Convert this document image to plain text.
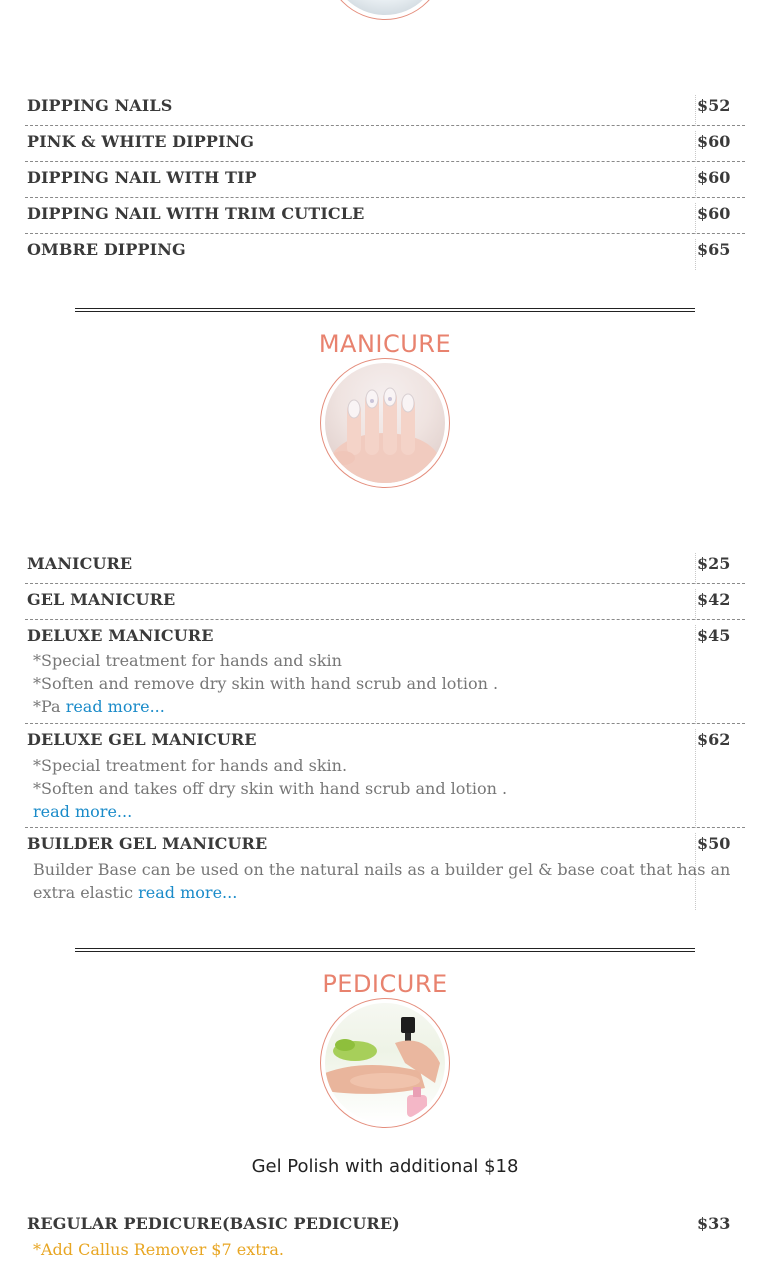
DIPPING NAILS	$52
PINK & WHITE DIPPING	$60
DIPPING NAIL WITH TIP	$60
DIPPING NAIL WITH TRIM CUTICLE	$60
OMBRE DIPPING	$65
MANICURE
MANICURE	$25
GEL MANICURE	$42
DELUXE MANICURE	$45
*Special treatment for hands and skin
*Soften and remove dry skin with hand scrub and lotion .
*Pa read more...
DELUXE GEL MANICURE	$62
*Special treatment for hands and skin.
*Soften and takes off dry skin with hand scrub and lotion .
read more...
BUILDER GEL MANICURE	$50
Builder Base can be used on the natural nails as a builder gel & base coat that has an
extra elastic read more...
PEDICURE
Gel Polish with additional $18
REGULAR PEDICURE(BASIC PEDICURE)	$33
*Add Callus Remover $7 extra.
